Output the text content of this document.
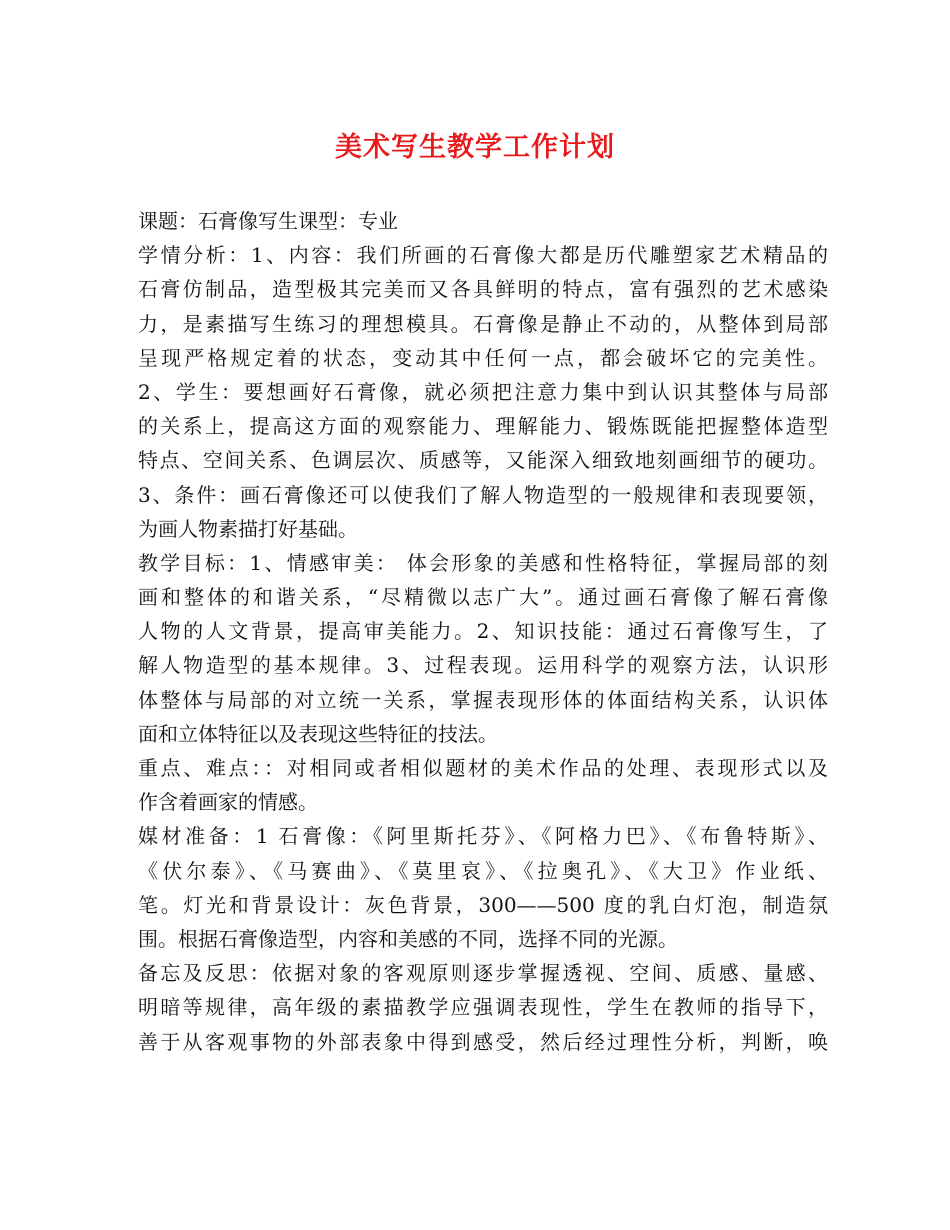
美术写生教学工作计划
课题：石膏像写生课型：专业
学情分析：1、内容：我们所画的石膏像大都是历代雕塑家艺术精品的
石膏仿制品，造型极其完美而又各具鲜明的特点，富有强烈的艺术感染
力，是素描写生练习的理想模具。石膏像是静止不动的，从整体到局部
呈现严格规定着的状态，变动其中任何一点，都会破坏它的完美性。
2、学生：要想画好石膏像，就必须把注意力集中到认识其整体与局部
的关系上，提高这方面的观察能力、理解能力、锻炼既能把握整体造型
特点、空间关系、色调层次、质感等，又能深入细致地刻画细节的硬功。
3、条件：画石膏像还可以使我们了解人物造型的一般规律和表现要领，
为画人物素描打好基础。
教学目标：1、情感审美： 体会形象的美感和性格特征，掌握局部的刻
画和整体的和谐关系，“尽精微以志广大”。通过画石膏像了解石膏像
人物的人文背景，提高审美能力。2、知识技能：通过石膏像写生，了
解人物造型的基本规律。3、过程表现。运用科学的观察方法，认识形
体整体与局部的对立统一关系，掌握表现形体的体面结构关系，认识体
面和立体特征以及表现这些特征的技法。
重点、难点：：对相同或者相似题材的美术作品的处理、表现形式以及
作含着画家的情感。
媒材准备：1 石膏像：《阿里斯托芬》、《阿格力巴》、《布鲁特斯》、
《伏尔泰》、《马赛曲》、《莫里哀》、《拉奥孔》、《大卫》作业纸、
笔。灯光和背景设计：灰色背景，300——500 度的乳白灯泡，制造氛
围。根据石膏像造型，内容和美感的不同，选择不同的光源。
备忘及反思：依据对象的客观原则逐步掌握透视、空间、质感、量感、
明暗等规律，高年级的素描教学应强调表现性，学生在教师的指导下，
善于从客观事物的外部表象中得到感受，然后经过理性分析，判断，唤
